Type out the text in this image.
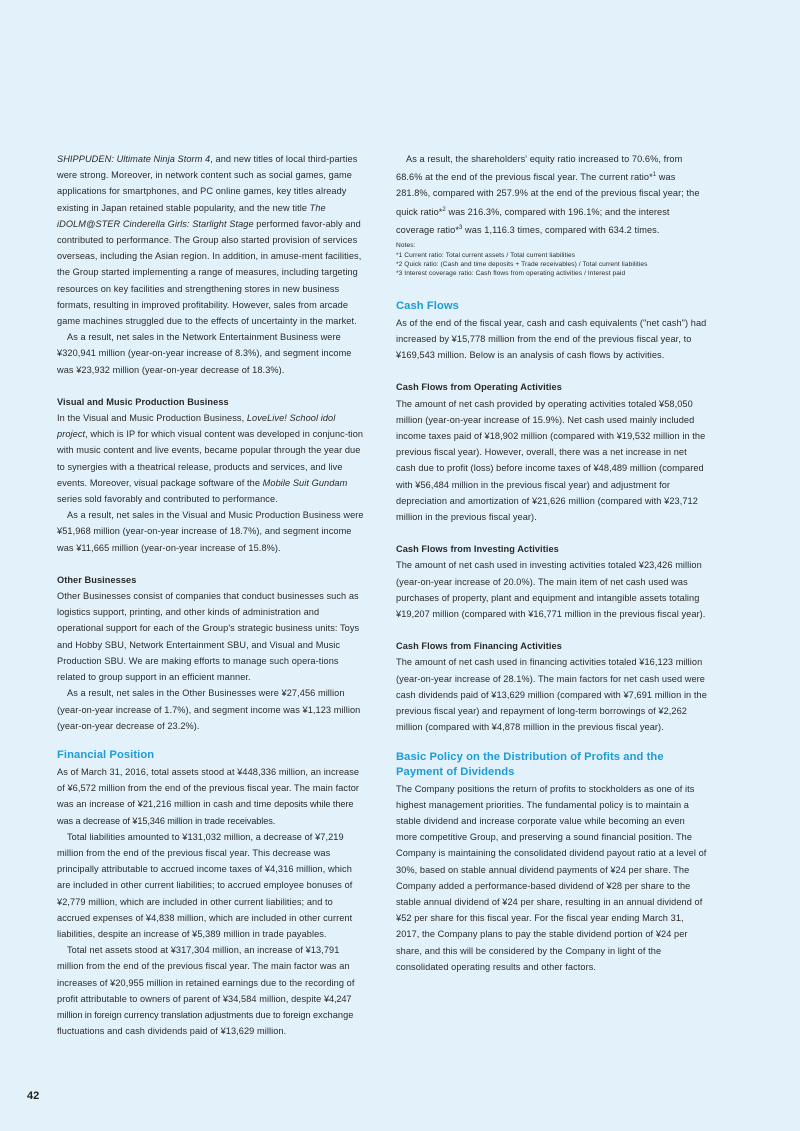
SHIPPUDEN: Ultimate Ninja Storm 4, and new titles of local third-parties were strong. Moreover, in network content such as social games, game applications for smartphones, and PC online games, key titles already existing in Japan retained stable popularity, and the new title The iDOLM@STER Cinderella Girls: Starlight Stage performed favor-ably and contributed to performance. The Group also started provision of services overseas, including the Asian region. In addition, in amuse-ment facilities, the Group started implementing a range of measures, including targeting resources on key facilities and strengthening stores in new business formats, resulting in improved profitability. However, sales from arcade game machines struggled due to the effects of uncertainty in the market.

As a result, net sales in the Network Entertainment Business were ¥320,941 million (year-on-year increase of 8.3%), and segment income was ¥23,932 million (year-on-year decrease of 18.3%).

Visual and Music Production Business

In the Visual and Music Production Business, LoveLive! School idol project, which is IP for which visual content was developed in conjunc-tion with music content and live events, became popular through the year due to synergies with a theatrical release, products and services, and live events. Moreover, visual package software of the Mobile Suit Gundam series sold favorably and contributed to performance.

As a result, net sales in the Visual and Music Production Business were ¥51,968 million (year-on-year increase of 18.7%), and segment income was ¥11,665 million (year-on-year increase of 15.8%).

Other Businesses

Other Businesses consist of companies that conduct businesses such as logistics support, printing, and other kinds of administration and operational support for each of the Group's strategic business units: Toys and Hobby SBU, Network Entertainment SBU, and Visual and Music Production SBU. We are making efforts to manage such opera-tions related to group support in an efficient manner.

As a result, net sales in the Other Businesses were ¥27,456 million (year-on-year increase of 1.7%), and segment income was ¥1,123 million (year-on-year decrease of 23.2%).

Financial Position

As of March 31, 2016, total assets stood at ¥448,336 million, an increase of ¥6,572 million from the end of the previous fiscal year. The main factor was an increase of ¥21,216 million in cash and time deposits while there was a decrease of ¥15,346 million in trade receivables.

Total liabilities amounted to ¥131,032 million, a decrease of ¥7,219 million from the end of the previous fiscal year. This decrease was principally attributable to accrued income taxes of ¥4,316 million, which are included in other current liabilities; to accrued employee bonuses of ¥2,779 million, which are included in other current liabilities; and to accrued expenses of ¥4,838 million, which are included in other current liabilities, despite an increase of ¥5,389 million in trade payables.

Total net assets stood at ¥317,304 million, an increase of ¥13,791 million from the end of the previous fiscal year. The main factor was an increases of ¥20,955 million in retained earnings due to the recording of profit attributable to owners of parent of ¥34,584 million, despite ¥4,247 million in foreign currency translation adjustments due to foreign exchange fluctuations and cash dividends paid of ¥13,629 million.

As a result, the shareholders' equity ratio increased to 70.6%, from 68.6% at the end of the previous fiscal year. The current ratio*$^1$ was 281.8%, compared with 257.9% at the end of the previous fiscal year; the quick ratio*$^2$ was 216.3%, compared with 196.1%; and the interest coverage ratio*$^3$ was 1,116.3 times, compared with 634.2 times.

Notes:
*1 Current ratio: Total current assets / Total current liabilities
*2 Quick ratio: (Cash and time deposits + Trade receivables) / Total current liabilities
*3 Interest coverage ratio: Cash flows from operating activities / Interest paid
Cash Flows

As of the end of the fiscal year, cash and cash equivalents ("net cash") had increased by ¥15,778 million from the end of the previous fiscal year, to ¥169,543 million. Below is an analysis of cash flows by activities.

Cash Flows from Operating Activities

The amount of net cash provided by operating activities totaled ¥58,050 million (year-on-year increase of 15.9%). Net cash used mainly included income taxes paid of ¥18,902 million (compared with ¥19,532 million in the previous fiscal year). However, overall, there was a net increase in net cash due to profit (loss) before income taxes of ¥48,489 million (compared with ¥56,484 million in the previous fiscal year) and adjustment for depreciation and amortization of ¥21,626 million (compared with ¥23,712 million in the previous fiscal year).

Cash Flows from Investing Activities

The amount of net cash used in investing activities totaled ¥23,426 million (year-on-year increase of 20.0%). The main item of net cash used was purchases of property, plant and equipment and intangible assets totaling ¥19,207 million (compared with ¥16,771 million in the previous fiscal year).

Cash Flows from Financing Activities

The amount of net cash used in financing activities totaled ¥16,123 million (year-on-year increase of 28.1%). The main factors for net cash used were cash dividends paid of ¥13,629 million (compared with ¥7,691 million in the previous fiscal year) and repayment of long-term borrowings of ¥2,262 million (compared with ¥4,878 million in the previous fiscal year).

Basic Policy on the Distribution of Profits and the Payment of Dividends

The Company positions the return of profits to stockholders as one of its highest management priorities. The fundamental policy is to maintain a stable dividend and increase corporate value while becoming an even more competitive Group, and preserving a sound financial position. The Company is maintaining the consolidated dividend payout ratio at a level of 30%, based on stable annual dividend payments of ¥24 per share. The Company added a performance-based dividend of ¥28 per share to the stable annual dividend of ¥24 per share, resulting in an annual dividend of ¥52 per share for this fiscal year. For the fiscal year ending March 31, 2017, the Company plans to pay the stable dividend portion of ¥24 per share, and this will be considered by the Company in light of the consolidated operating results and other factors.

42
